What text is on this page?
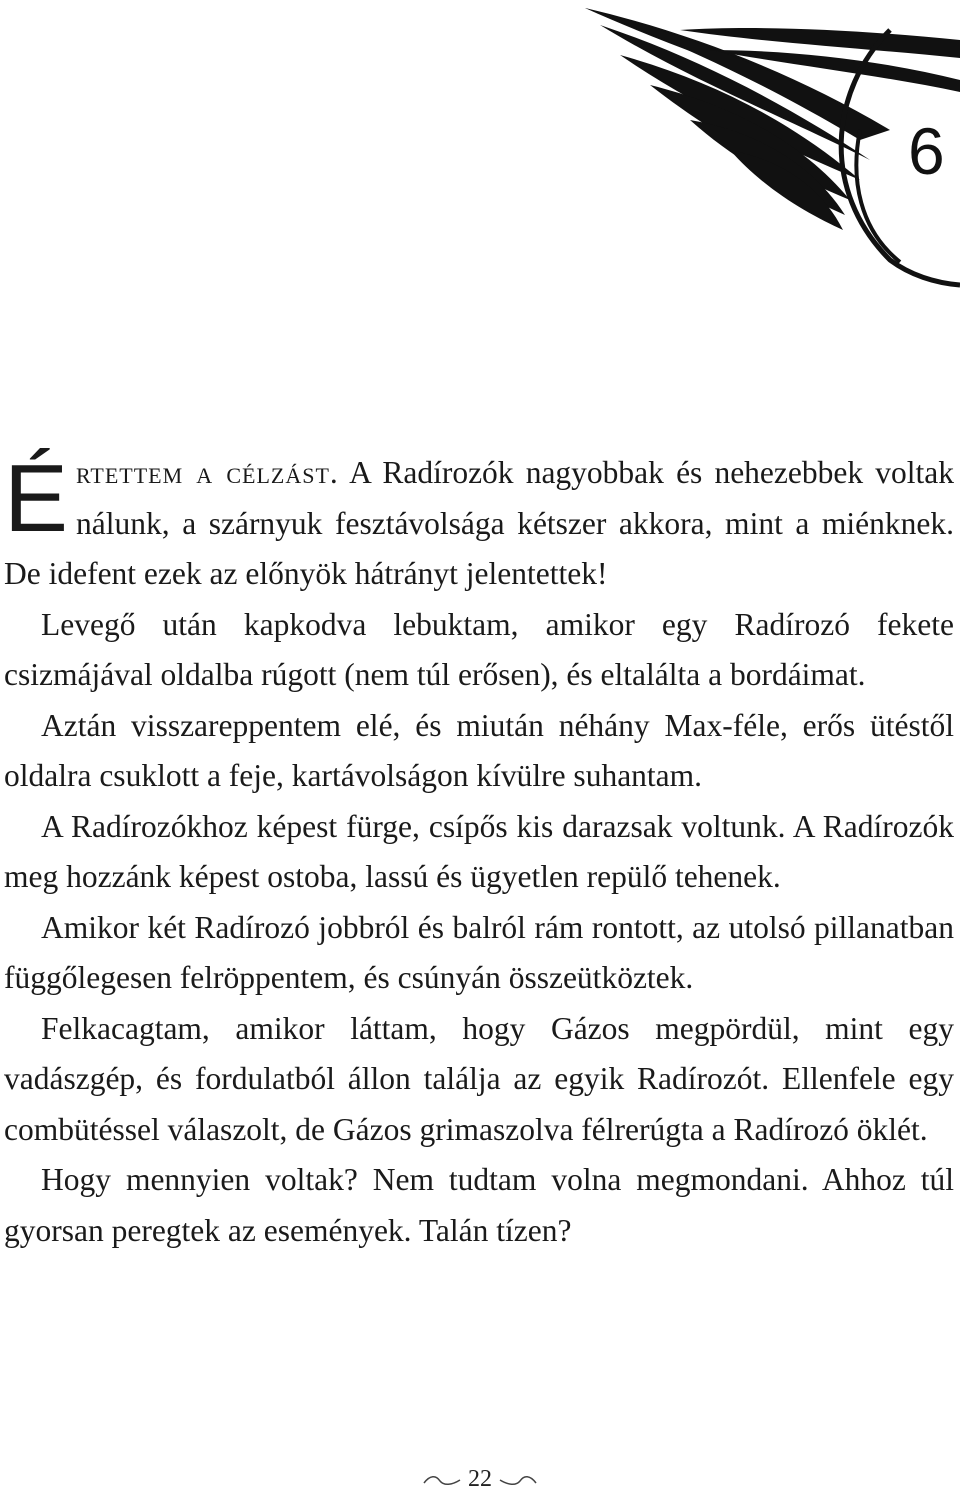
6

Értettem a célzást. A Radírozók nagyobbak és nehezebbek voltak nálunk, a szárnyuk fesztávolsága kétszer akkora, mint a miénknek. De idefent ezek az előnyök hátrányt jelentettek!

Levegő után kapkodva lebuktam, amikor egy Radírozó fekete csizmájával oldalba rúgott (nem túl erősen), és eltalálta a bordáimat.

Aztán visszareppentem elé, és miután néhány Max-féle, erős ütéstől oldalra csuklott a feje, kartávolságon kívülre suhantam.

A Radírozókhoz képest fürge, csípős kis darazsak voltunk. A Radírozók meg hozzánk képest ostoba, lassú és ügyetlen repülő tehenek.

Amikor két Radírozó jobbról és balról rám rontott, az utolsó pillanatban függőlegesen felröppentem, és csúnyán összeütköztek.

Felkacagtam, amikor láttam, hogy Gázos megpördül, mint egy vadászgép, és fordulatból állon találja az egyik Radírozót. Ellenfele egy combütéssel válaszolt, de Gázos grimaszolva félrerúgta a Radírozó öklét.

Hogy mennyien voltak? Nem tudtam volna megmondani. Ahhoz túl gyorsan peregtek az események. Talán tízen?

22
